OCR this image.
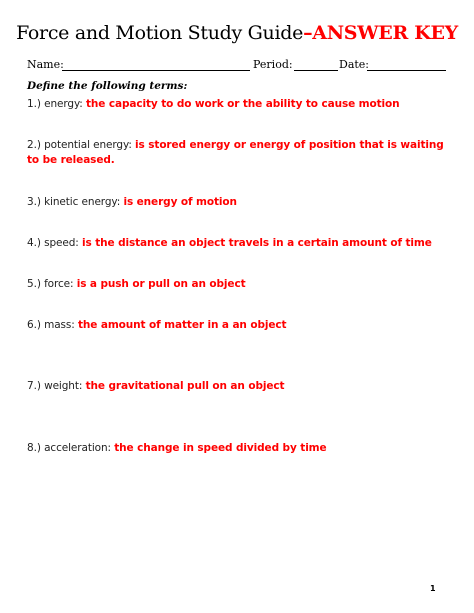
Force and Motion Study Guide–ANSWER KEY
Name:	Period:	Date:
Define the following terms:
1.) energy: the capacity to do work or the ability to cause motion
2.) potential energy: is stored energy or energy of position that is waiting to be released.
3.) kinetic energy: is energy of motion
4.) speed: is the distance an object travels in a certain amount of time
5.) force: is a push or pull on an object
6.) mass: the amount of matter in a an object
7.) weight: the gravitational pull on an object
8.) acceleration: the change in speed divided by time
1
